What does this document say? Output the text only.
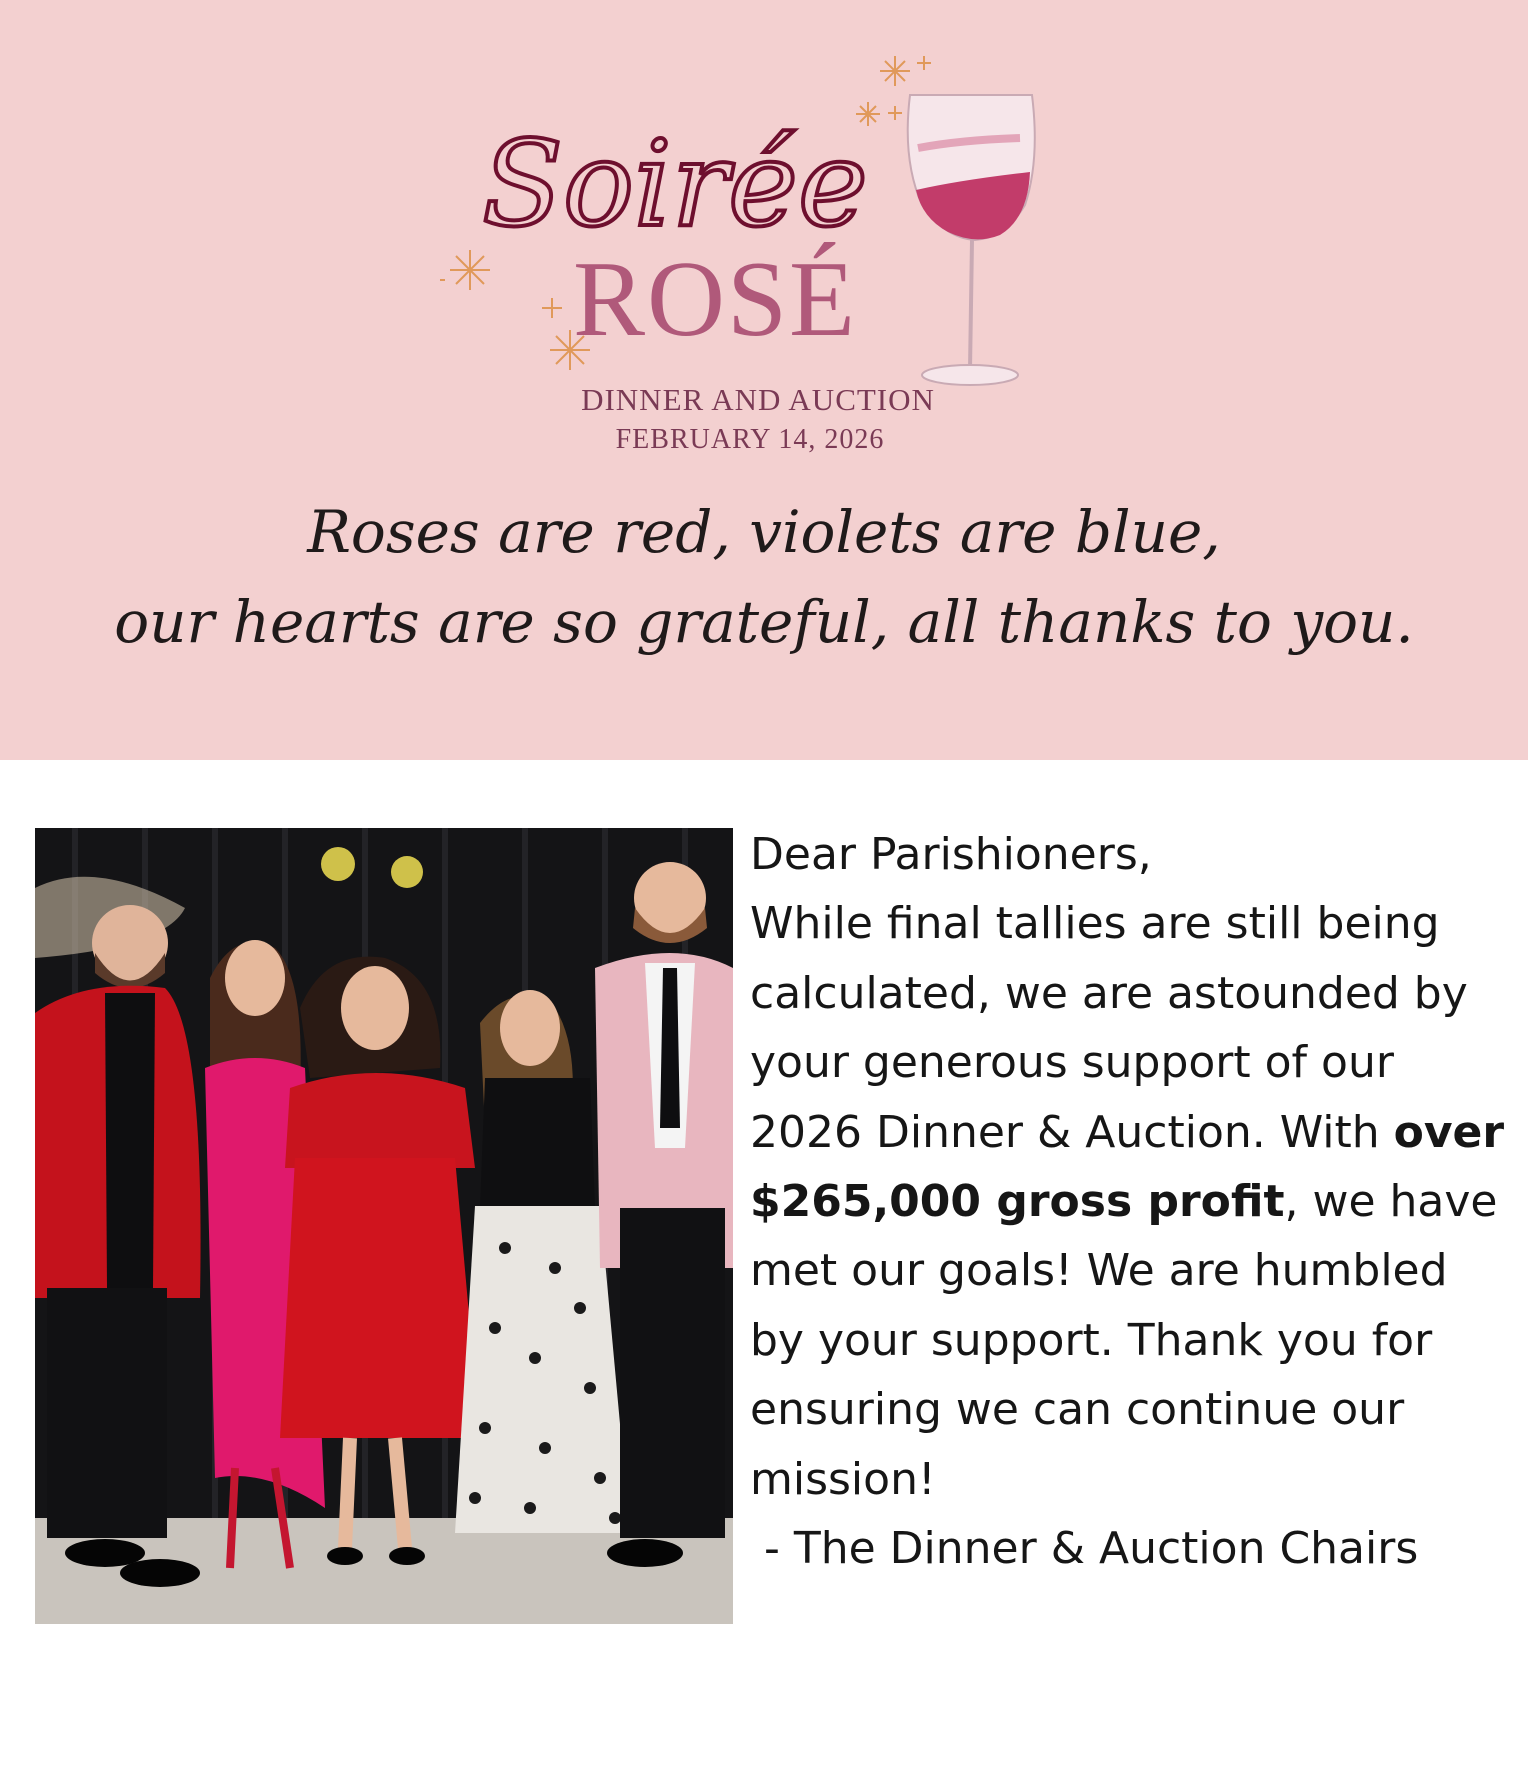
Soirée
ROSÉ
DINNER AND AUCTION
FEBRUARY 14, 2026
Roses are red, violets are blue,
our hearts are so grateful, all thanks to you.

Dear Parishioners,

While final tallies are still being calculated, we are astounded by your generous support of our 2026 Dinner & Auction. With over $265,000 gross profit, we have met our goals! We are humbled by your support. Thank you for ensuring we can continue our mission!

- The Dinner & Auction Chairs
